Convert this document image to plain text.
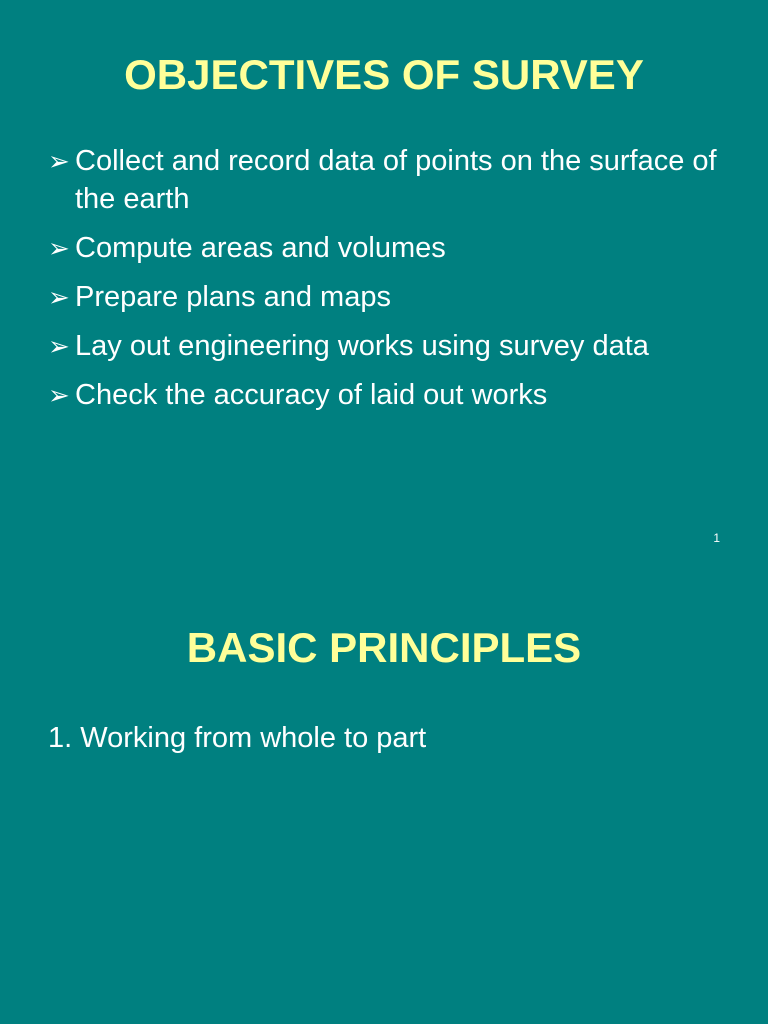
OBJECTIVES OF SURVEY
➢ Collect and record data of points on the surface of the earth
➢ Compute areas and volumes
➢ Prepare plans and maps
➢ Lay out engineering works using survey data
➢ Check the accuracy of laid out works
1
BASIC PRINCIPLES

1. Working from whole to part
